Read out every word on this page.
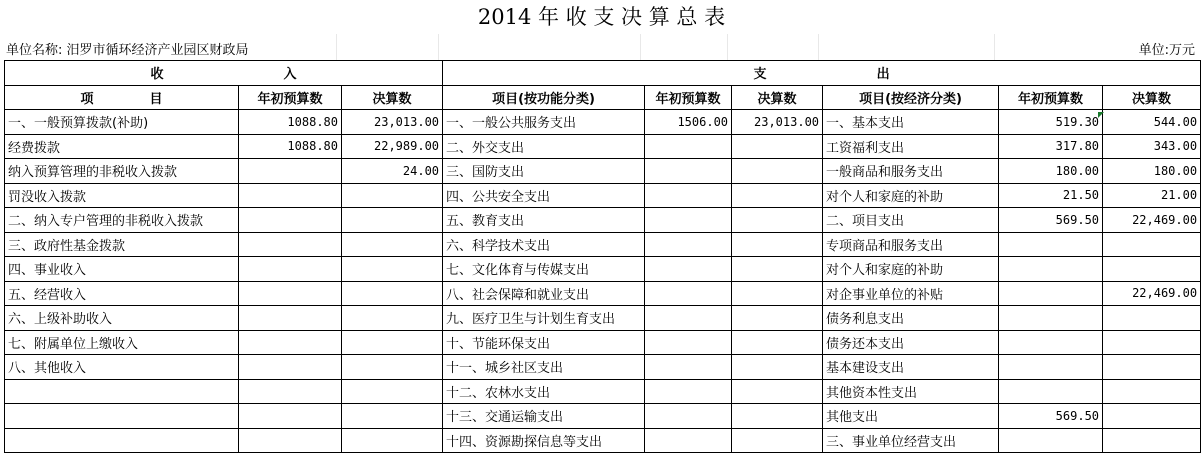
2014 年 收 支 决 算 总 表
单位名称: 汨罗市循环经济产业园区财政局	单位:万元
收 入			支 出					
项 目	年初预算数	决算数	项目(按功能分类)	年初预算数	决算数	项目(按经济分类)	年初预算数	决算数
一、一般预算拨款(补助)	1088.80	23,013.00	一、一般公共服务支出	1506.00	23,013.00	一、基本支出	519.30	544.00
经费拨款	1088.80	22,989.00	二、外交支出			工资福利支出	317.80	343.00
纳入预算管理的非税收入拨款		24.00	三、国防支出			一般商品和服务支出	180.00	180.00
罚没收入拨款			四、公共安全支出			对个人和家庭的补助	21.50	21.00
二、纳入专户管理的非税收入拨款			五、教育支出			二、项目支出	569.50	22,469.00
三、政府性基金拨款			六、科学技术支出			专项商品和服务支出		
四、事业收入			七、文化体育与传媒支出			对个人和家庭的补助		
五、经营收入			八、社会保障和就业支出			对企事业单位的补贴		22,469.00
六、上级补助收入			九、医疗卫生与计划生育支出			债务利息支出		
七、附属单位上缴收入			十、节能环保支出			债务还本支出		
八、其他收入			十一、城乡社区支出			基本建设支出		
			十二、农林水支出			其他资本性支出		
			十三、交通运输支出			其他支出	569.50	
			十四、资源勘探信息等支出			三、事业单位经营支出		
